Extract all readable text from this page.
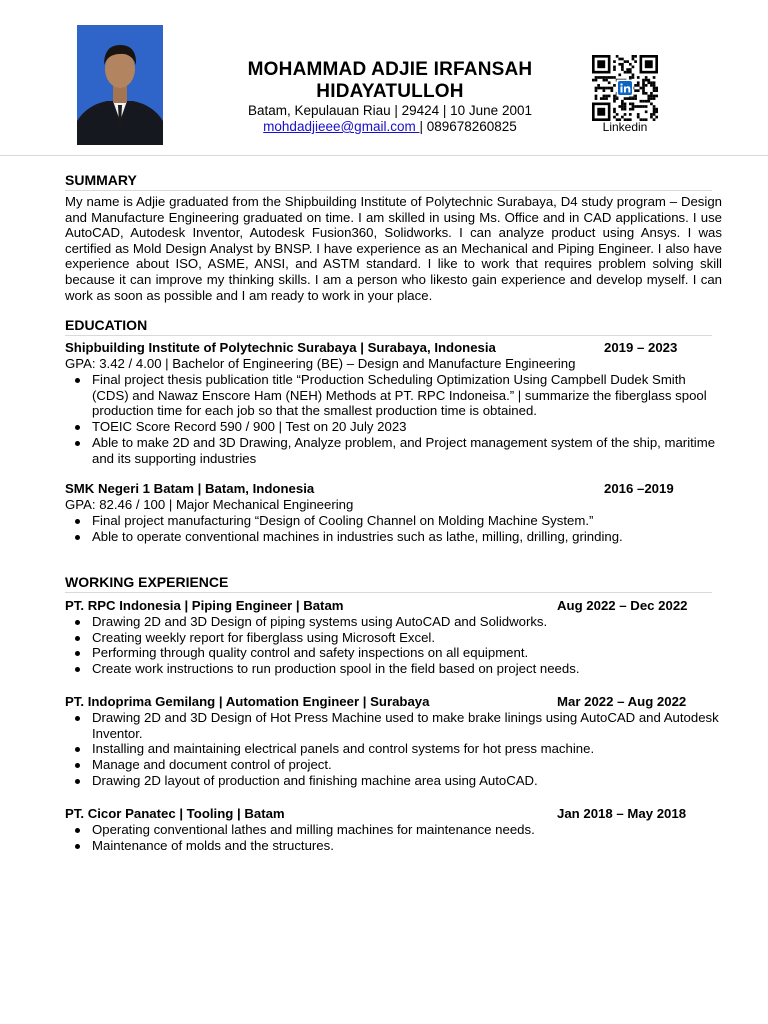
MOHAMMAD ADJIE IRFANSAH
HIDAYATULLOH
Batam, Kepulauan Riau | 29424 | 10 June 2001
mohdadjieee@gmail.com | 089678260825	Linkedin
SUMMARY
My name is Adjie graduated from the Shipbuilding Institute of Polytechnic Surabaya, D4 study program – Design and Manufacture Engineering graduated on time. I am skilled in using Ms. Office and in CAD applications. I use AutoCAD, Autodesk Inventor, Autodesk Fusion360, Solidworks. I can analyze product using Ansys. I was certified as Mold Design Analyst by BNSP. I have experience as an Mechanical and Piping Engineer. I also have experience about ISO, ASME, ANSI, and ASTM standard. I like to work that requires problem solving skill because it can improve my thinking skills. I am a person who likesto gain experience and develop myself. I can work as soon as possible and I am ready to work in your place.
EDUCATION
Shipbuilding Institute of Polytechnic Surabaya | Surabaya, Indonesia	2019 – 2023
GPA: 3.42 / 4.00 | Bachelor of Engineering (BE) – Design and Manufacture Engineering
Final project thesis publication title “Production Scheduling Optimization Using Campbell Dudek Smith (CDS) and Nawaz Enscore Ham (NEH) Methods at PT. RPC Indoneisa.” | summarize the fiberglass spool production time for each job so that the smallest production time is obtained.
TOEIC Score Record 590 / 900 | Test on 20 July 2023
Able to make 2D and 3D Drawing, Analyze problem, and Project management system of the ship, maritime and its supporting industries
SMK Negeri 1 Batam | Batam, Indonesia	2016 –2019
GPA: 82.46 / 100 | Major Mechanical Engineering
Final project manufacturing “Design of Cooling Channel on Molding Machine System.”
Able to operate conventional machines in industries such as lathe, milling, drilling, grinding.
WORKING EXPERIENCE
PT. RPC Indonesia | Piping Engineer | Batam	Aug 2022 – Dec 2022
Drawing 2D and 3D Design of piping systems using AutoCAD and Solidworks.
Creating weekly report for fiberglass using Microsoft Excel.
Performing through quality control and safety inspections on all equipment.
Create work instructions to run production spool in the field based on project needs.
PT. Indoprima Gemilang | Automation Engineer | Surabaya	Mar 2022 – Aug 2022
Drawing 2D and 3D Design of Hot Press Machine used to make brake linings using AutoCAD and Autodesk Inventor.
Installing and maintaining electrical panels and control systems for hot press machine.
Manage and document control of project.
Drawing 2D layout of production and finishing machine area using AutoCAD.
PT. Cicor Panatec | Tooling | Batam	Jan 2018 – May 2018
Operating conventional lathes and milling machines for maintenance needs.
Maintenance of molds and the structures.
